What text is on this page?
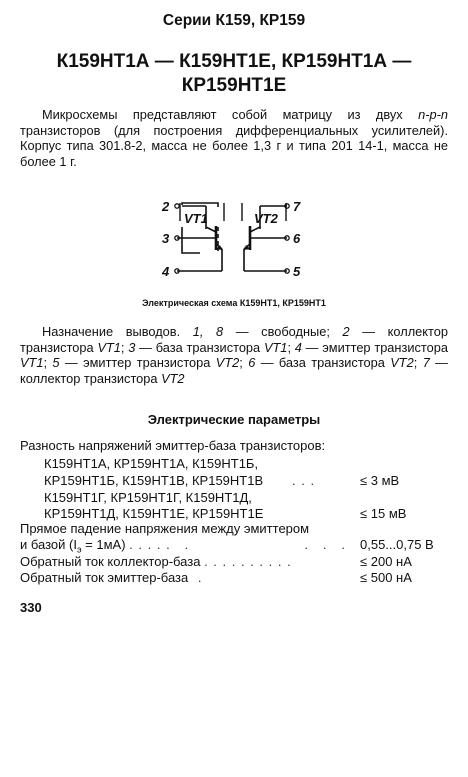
Серии К159, КР159
К159НТ1А — К159НТ1Е, КР159НТ1А —
КР159НТ1Е
Микросхемы представляют собой матрицу из двух n-p-n транзисторов (для построения дифференциальных усилителей). Корпус типа 301.8-2, масса не более 1,3 г и типа 201 14-1, масса не более 1 г.
2
3
4
7
6
5
VT1	VT2
Электрическая схема К159НТ1, КР159НТ1
Назначение выводов. 1, 8 — свободные; 2 — коллектор транзистора VT1; 3 — база транзистора VT1; 4 — эмиттер транзистора VT1; 5 — эмиттер транзистора VT2; 6 — база транзистора VT2; 7 — коллектор транзистора VT2
Электрические параметры
Разность напряжений эмиттер-база транзисторов:
К159НТ1А, КР159НТ1А, К159НТ1Б,
КР159НТ1Б, К159НТ1В, КР159НТ1В . . .	≤ 3 мВ
К159НТ1Г, КР159НТ1Г, К159НТ1Д,
КР159НТ1Д, К159НТ1Е, КР159НТ1Е	≤ 15 мВ
Прямое падение напряжения между эмиттером
и базой $(I_э = 1мА)$ . . . . .   .                         .   .   . 0,55...0,75 В
Обратный ток коллектор-база . . . . . . . . . .	≤ 200 нА
Обратный ток эмиттер-база .	≤ 500 нА
330
